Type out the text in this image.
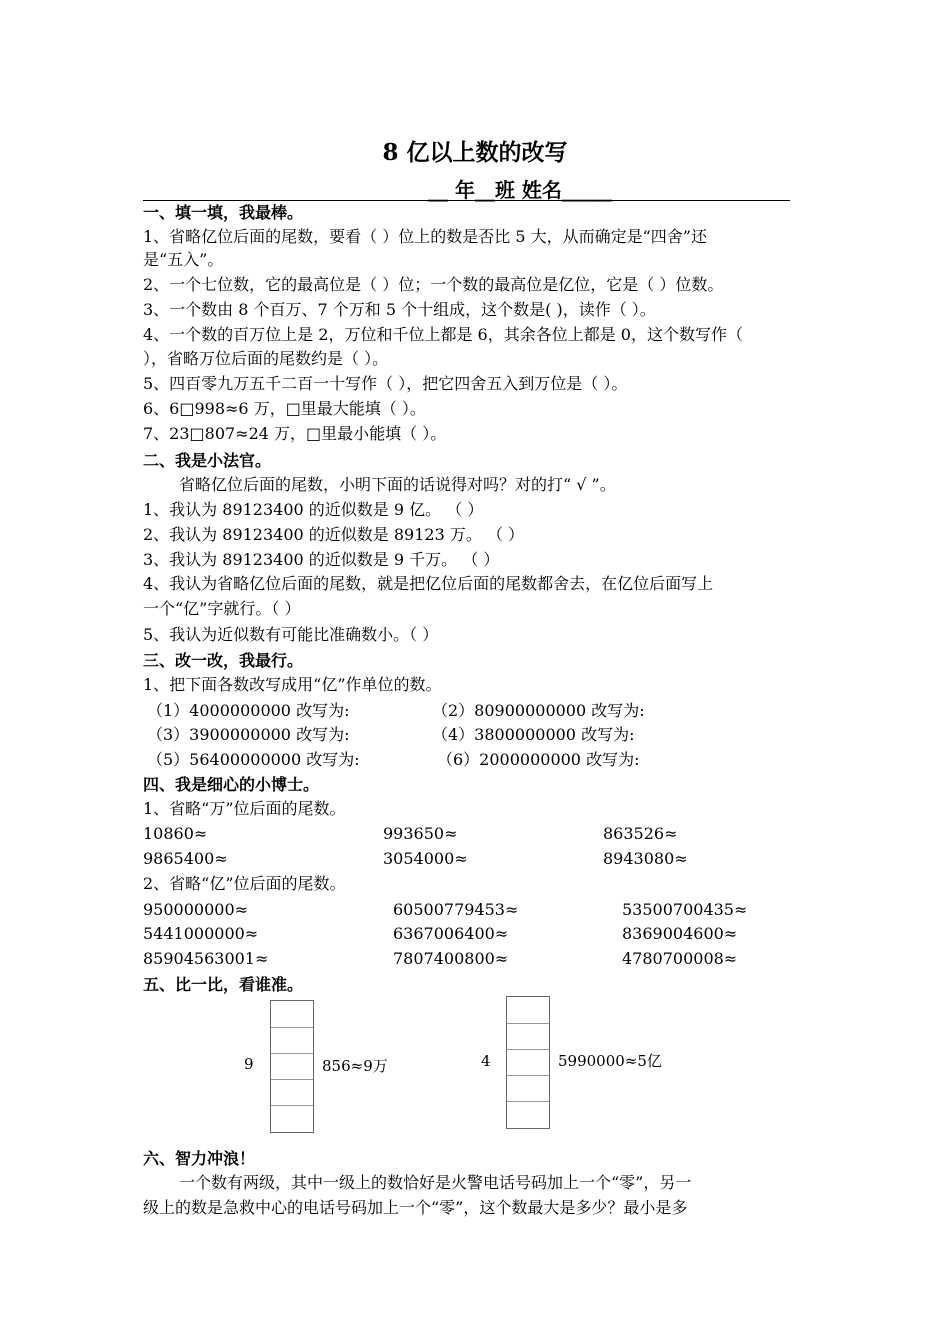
8 亿以上数的改写
__ 年__班 姓名_____
一、填一填，我最棒。
1、省略亿位后面的尾数，要看（ ）位上的数是否比 5 大，从而确定是“四舍”还
是“五入”。
2、一个七位数，它的最高位是（ ）位；一个数的最高位是亿位，它是（ ）位数。
3、一个数由 8 个百万、7 个万和 5 个十组成，这个数是( )，读作（ ）。
4、一个数的百万位上是 2，万位和千位上都是 6，其余各位上都是 0，这个数写作（
），省略万位后面的尾数约是（ ）。
5、四百零九万五千二百一十写作（ ），把它四舍五入到万位是（ ）。
6、6□998≈6 万，□里最大能填（ ）。
7、23□807≈24 万，□里最小能填（ ）。
二、我是小法官。
省略亿位后面的尾数，小明下面的话说得对吗？对的打“ √ ”。
1、我认为 89123400 的近似数是 9 亿。 （ ）
2、我认为 89123400 的近似数是 89123 万。 （ ）
3、我认为 89123400 的近似数是 9 千万。 （ ）
4、我认为省略亿位后面的尾数，就是把亿位后面的尾数都舍去，在亿位后面写上
一个“亿”字就行。（ ）
5、我认为近似数有可能比准确数小。（ ）
三、改一改，我最行。
1、把下面各数改写成用“亿”作单位的数。
（1）4000000000 改写为:	（2）80900000000 改写为:
（3）3900000000 改写为:	（4）3800000000 改写为:
（5）56400000000 改写为:	（6）2000000000 改写为:
四、我是细心的小博士。
1、省略“万”位后面的尾数。
10860≈	993650≈	863526≈
9865400≈	3054000≈	8943080≈
2、省略“亿”位后面的尾数。
950000000≈	60500779453≈	53500700435≈
5441000000≈	6367006400≈	8369004600≈
85904563001≈	7807400800≈	4780700008≈
五、比一比，看谁准。
9	856≈9万	4	5990000≈5亿
六、智力冲浪！
一个数有两级，其中一级上的数恰好是火警电话号码加上一个“零”，另一
级上的数是急救中心的电话号码加上一个“零”，这个数最大是多少？最小是多
